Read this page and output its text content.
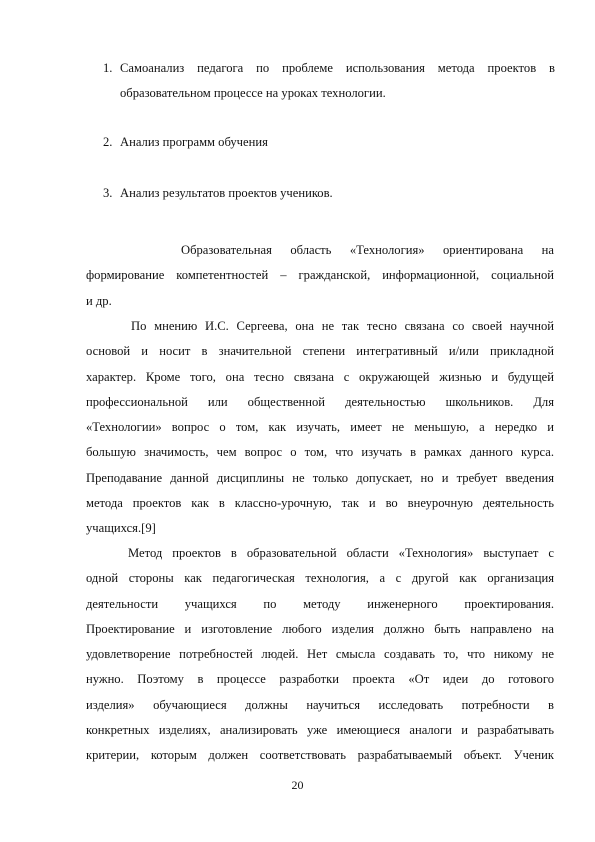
1. Самоанализ педагога по проблеме использования метода проектов в
образовательном процессе на уроках технологии.
2. Анализ программ обучения
3. Анализ результатов проектов учеников.
Образовательная область «Технология» ориентирована на
формирование компетентностей – гражданской, информационной, социальной
и др.
По мнению И.С. Сергеева, она не так тесно связана со своей научной
основой и носит в значительной степени интегративный и/или прикладной
характер. Кроме того, она тесно связана с окружающей жизнью и будущей
профессиональной или общественной деятельностью школьников. Для
«Технологии» вопрос о том, как изучать, имеет не меньшую, а нередко и
большую значимость, чем вопрос о том, что изучать в рамках данного курса.
Преподавание данной дисциплины не только допускает, но и требует введения
метода проектов как в классно-урочную, так и во внеурочную деятельность
учащихся.[9]
Метод проектов в образовательной области «Технология» выступает с
одной стороны как педагогическая технология, а с другой как организация
деятельности учащихся по методу инженерного проектирования.
Проектирование и изготовление любого изделия должно быть направлено на
удовлетворение потребностей людей. Нет смысла создавать то, что никому не
нужно. Поэтому в процессе разработки проекта «От идеи до готового
изделия» обучающиеся должны научиться исследовать потребности в
конкретных изделиях, анализировать уже имеющиеся аналоги и разрабатывать
критерии, которым должен соответствовать разрабатываемый объект. Ученик
20
